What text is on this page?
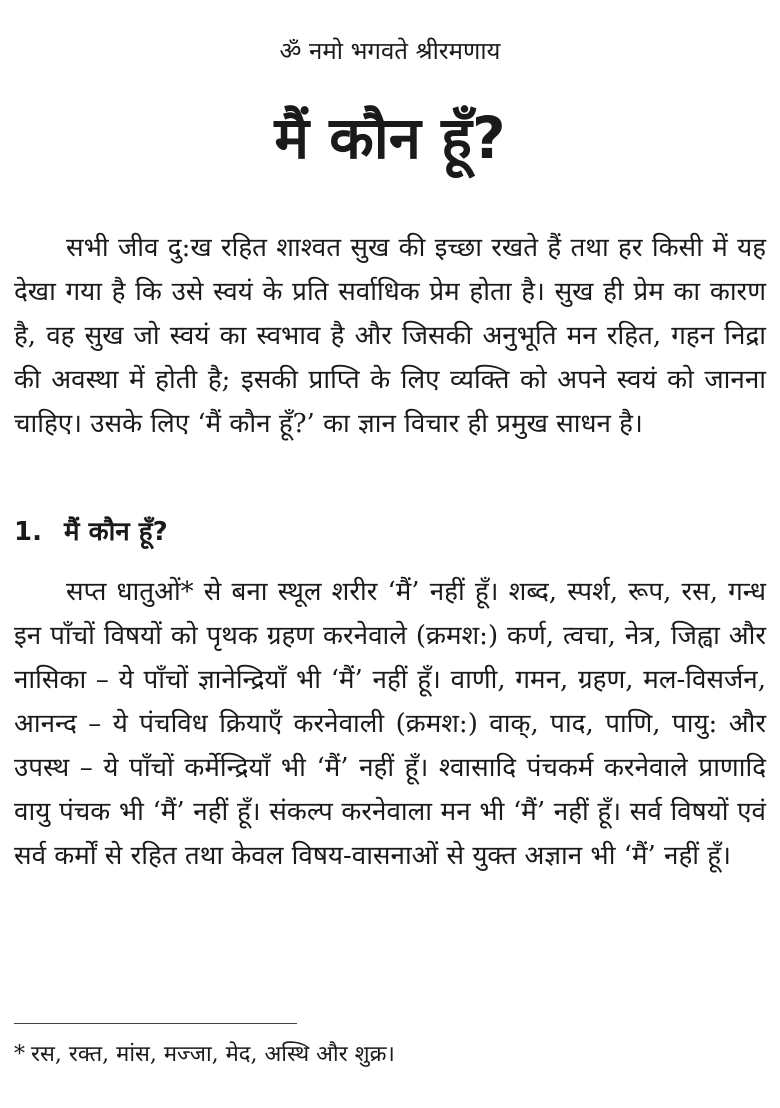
ॐ नमो भगवते श्रीरमणाय
मैं कौन हूँ?

सभी जीव दु:ख रहित शाश्वत सुख की इच्छा रखते हैं तथा हर किसी में यह देखा गया है कि उसे स्वयं के प्रति सर्वाधिक प्रेम होता है। सुख ही प्रेम का कारण है, वह सुख जो स्वयं का स्वभाव है और जिसकी अनुभूति मन रहित, गहन निद्रा की अवस्था में होती है; इसकी प्राप्ति के लिए व्यक्ति को अपने स्वयं को जानना चाहिए। उसके लिए ‘मैं कौन हूँ?’ का ज्ञान विचार ही प्रमुख साधन है।

1. मैं कौन हूँ?

सप्त धातुओं* से बना स्थूल शरीर ‘मैं’ नहीं हूँ। शब्द, स्पर्श, रूप, रस, गन्ध इन पाँचों विषयों को पृथक ग्रहण करनेवाले (क्रमश:) कर्ण, त्वचा, नेत्र, जिह्वा और नासिका – ये पाँचों ज्ञानेन्द्रियाँ भी ‘मैं’ नहीं हूँ। वाणी, गमन, ग्रहण, मल-विसर्जन, आनन्द – ये पंचविध क्रियाएँ करनेवाली (क्रमश:) वाक्, पाद, पाणि, पायु: और उपस्थ – ये पाँचों कर्मेन्द्रियाँ भी ‘मैं’ नहीं हूँ। श्वासादि पंचकर्म करनेवाले प्राणादि वायु पंचक भी ‘मैं’ नहीं हूँ। संकल्प करनेवाला मन भी ‘मैं’ नहीं हूँ। सर्व विषयों एवं सर्व कर्मों से रहित तथा केवल विषय-वासनाओं से युक्त अज्ञान भी ‘मैं’ नहीं हूँ।

* रस, रक्त, मांस, मज्जा, मेद, अस्थि और शुक्र।
